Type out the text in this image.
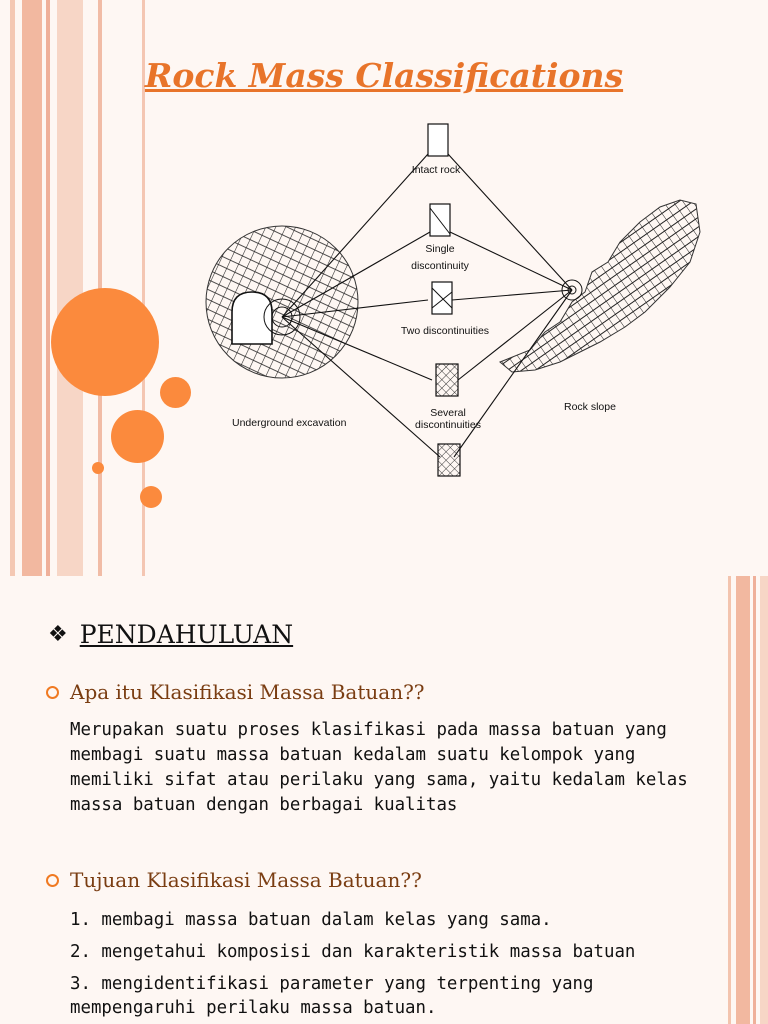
Rock Mass Classifications
Intact rock
Single
discontinuity
Two discontinuities
Several
discontinuities
Underground excavation
Rock slope
❖ PENDAHULUAN
Apa itu Klasifikasi Massa Batuan??
Merupakan suatu proses klasifikasi pada massa batuan yang
membagi suatu massa batuan kedalam suatu kelompok yang
memiliki sifat atau perilaku yang sama, yaitu kedalam kelas
massa batuan dengan berbagai kualitas
Tujuan Klasifikasi Massa Batuan??
1. membagi massa batuan dalam kelas yang sama.
2. mengetahui komposisi dan karakteristik massa batuan
3. mengidentifikasi parameter yang terpenting yang
mempengaruhi perilaku massa batuan.
